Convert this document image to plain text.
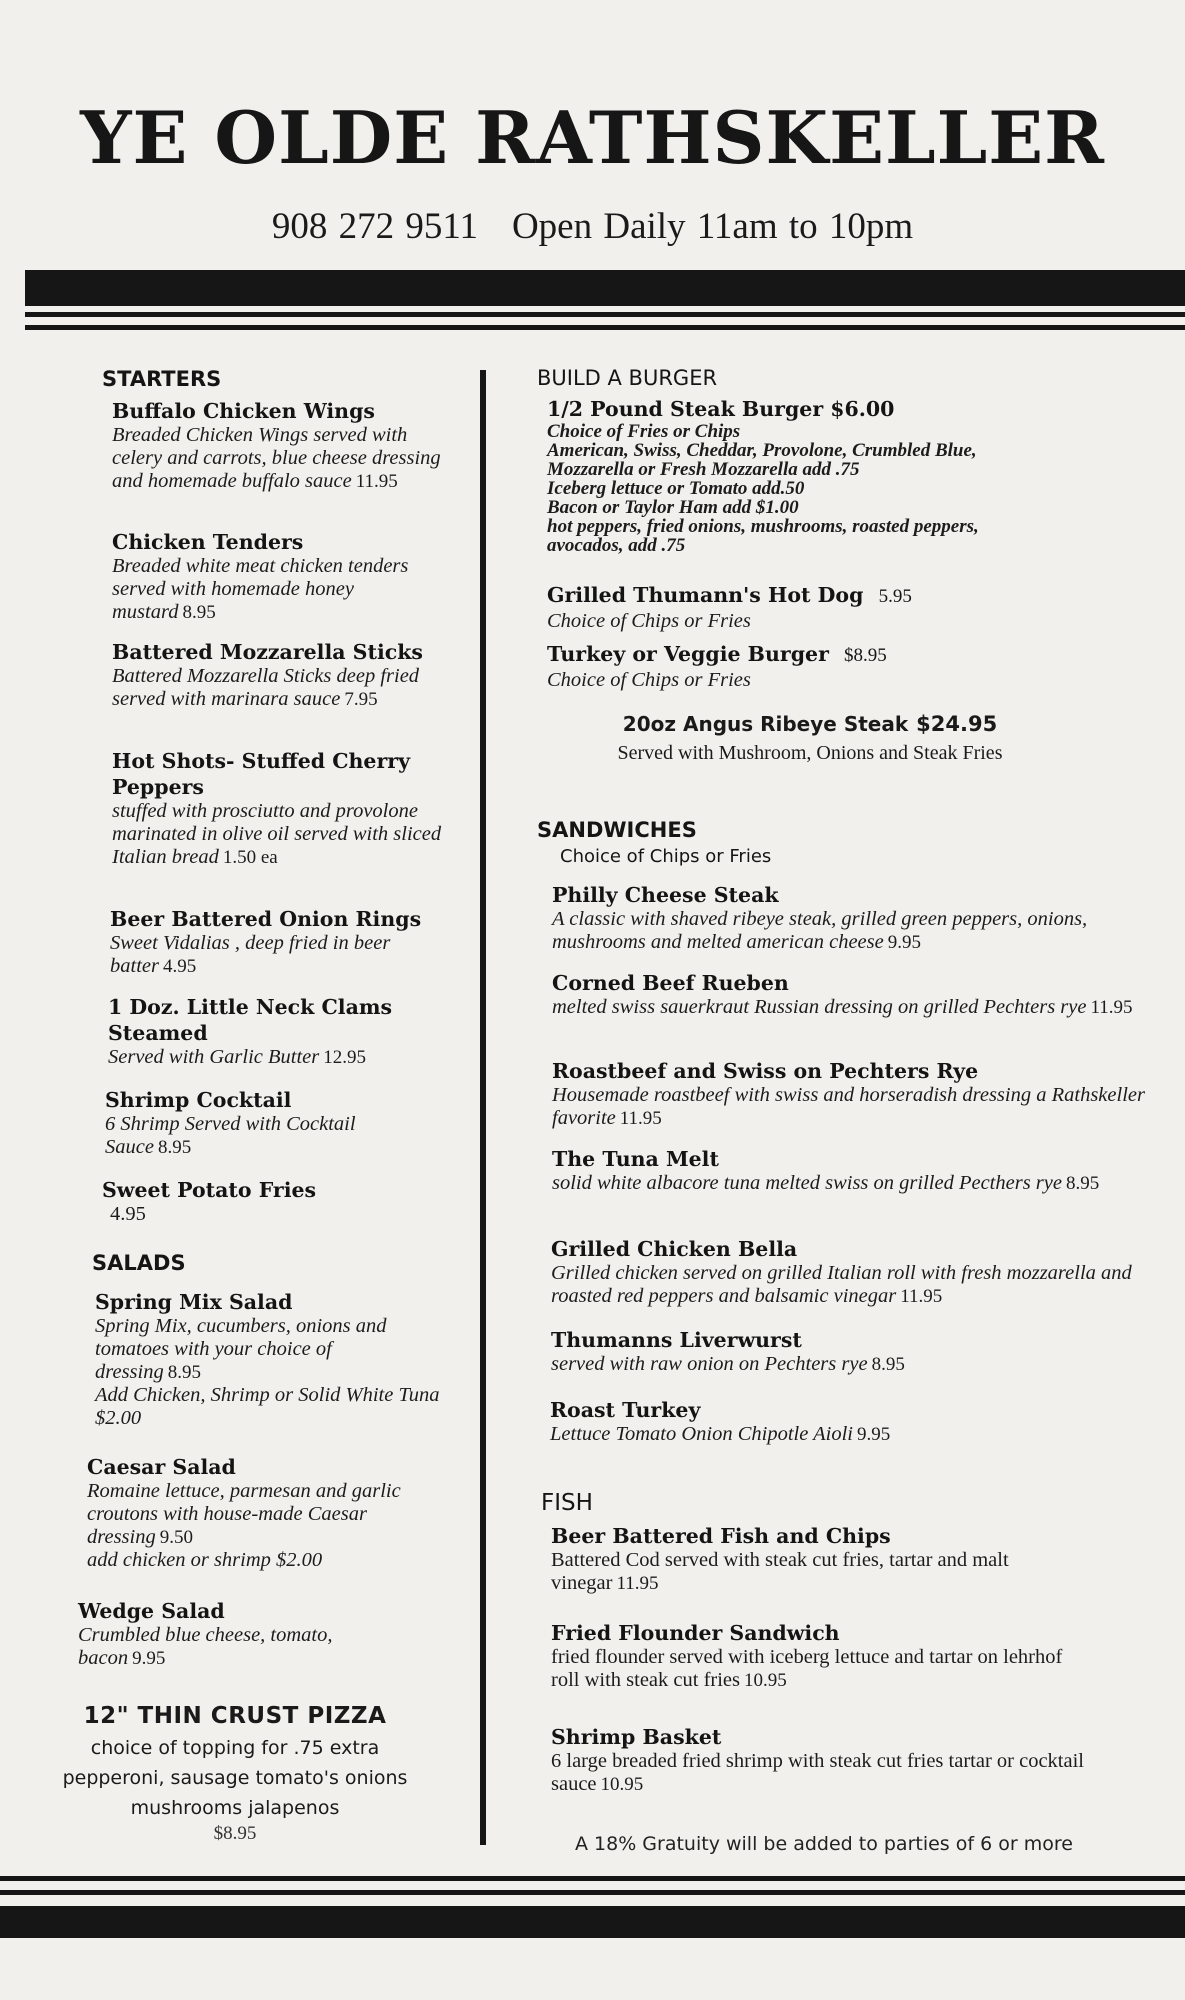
YE OLDE RATHSKELLER
908 272 9511 Open Daily 11am to 10pm
STARTERS
Buffalo Chicken Wings
Breaded Chicken Wings served with celery and carrots, blue cheese dressing and homemade buffalo sauce 11.95
Chicken Tenders
Breaded white meat chicken tenders served with homemade honey mustard 8.95
Battered Mozzarella Sticks
Battered Mozzarella Sticks deep fried served with marinara sauce 7.95
Hot Shots- Stuffed Cherry Peppers
stuffed with prosciutto and provolone marinated in olive oil served with sliced Italian bread 1.50 ea
Beer Battered Onion Rings
Sweet Vidalias , deep fried in beer batter 4.95
1 Doz. Little Neck Clams Steamed
Served with Garlic Butter 12.95
Shrimp Cocktail
6 Shrimp Served with Cocktail Sauce 8.95
Sweet Potato Fries
4.95
SALADS
Spring Mix Salad
Spring Mix, cucumbers, onions and tomatoes with your choice of dressing 8.95
Add Chicken, Shrimp or Solid White Tuna $2.00
Caesar Salad
Romaine lettuce, parmesan and garlic croutons with house-made Caesar dressing 9.50
add chicken or shrimp $2.00
Wedge Salad
Crumbled blue cheese, tomato, bacon 9.95
12" THIN CRUST PIZZA
choice of topping for .75 extra pepperoni, sausage tomato's onions mushrooms jalapenos
$8.95
BUILD A BURGER
1/2 Pound Steak Burger $6.00
Choice of Fries or Chips
American, Swiss, Cheddar, Provolone, Crumbled Blue,
Mozzarella or Fresh Mozzarella add .75
Iceberg lettuce or Tomato add.50
Bacon or Taylor Ham add $1.00
hot peppers, fried onions, mushrooms, roasted peppers,
avocados, add .75
Grilled Thumann's Hot Dog 5.95
Choice of Chips or Fries
Turkey or Veggie Burger $8.95
Choice of Chips or Fries
20oz Angus Ribeye Steak $24.95
Served with Mushroom, Onions and Steak Fries
SANDWICHES
Choice of Chips or Fries
Philly Cheese Steak
A classic with shaved ribeye steak, grilled green peppers, onions, mushrooms and melted american cheese 9.95
Corned Beef Rueben
melted swiss sauerkraut Russian dressing on grilled Pechters rye 11.95
Roastbeef and Swiss on Pechters Rye
Housemade roastbeef with swiss and horseradish dressing a Rathskeller favorite 11.95
The Tuna Melt
solid white albacore tuna melted swiss on grilled Pecthers rye 8.95
Grilled Chicken Bella
Grilled chicken served on grilled Italian roll with fresh mozzarella and roasted red peppers and balsamic vinegar 11.95
Thumanns Liverwurst
served with raw onion on Pechters rye 8.95
Roast Turkey
Lettuce Tomato Onion Chipotle Aioli 9.95
FISH
Beer Battered Fish and Chips
Battered Cod served with steak cut fries, tartar and malt vinegar 11.95
Fried Flounder Sandwich
fried flounder served with iceberg lettuce and tartar on lehrhof roll with steak cut fries 10.95
Shrimp Basket
6 large breaded fried shrimp with steak cut fries tartar or cocktail sauce 10.95
A 18% Gratuity will be added to parties of 6 or more
